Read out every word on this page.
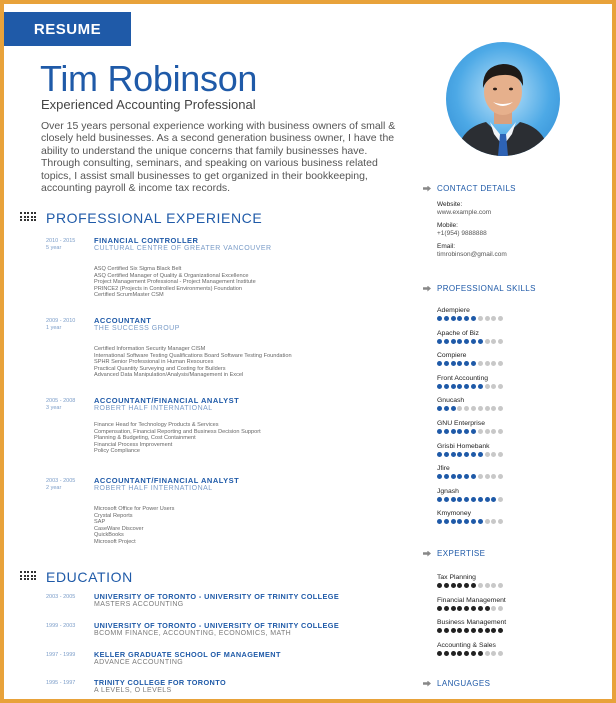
RESUME
Tim Robinson
Experienced Accounting Professional
Over 15 years personal experience working with business owners of small & closely held businesses. As a second generation business owner, I have the ability to understand the unique concerns that family businesses have. Through consulting, seminars, and speaking on various business related topics, I assist small businesses to get organized in their bookkeeping, accounting payroll & income tax records.
PROFESSIONAL EXPERIENCE
2010 - 2015
5 year
FINANCIAL CONTROLLER
CULTURAL CENTRE OF GREATER VANCOUVER
ASQ Certified Six Sigma Black Belt
ASQ Certified Manager of Quality & Organizational Excellence
Project Management Professional - Project Management Institute
PRINCE2 (Projects in Controlled Environments) Foundation
Certified ScrumMaster CSM
2009 - 2010
1 year
ACCOUNTANT
THE SUCCESS GROUP
Certified Information Security Manager CISM
International Software Testing Qualifications Board Software Testing Foundation
SPHR Senior Professional in Human Resources
Practical Quantity Surveying and Costing for Builders
Advanced Data Manipulation/Analysis/Management in Excel
2005 - 2008
3 year
ACCOUNTANT/FINANCIAL ANALYST
ROBERT HALF INTERNATIONAL
Finance Head for Technology Products & Services
Compensation, Financial Reporting and Business Decision Support
Planning & Budgeting, Cost Containment
Financial Process Improvement
Policy Compliance
2003 - 2005
2 year
ACCOUNTANT/FINANCIAL ANALYST
ROBERT HALF INTERNATIONAL
Microsoft Office for Power Users
Crystal Reports
SAP
CaseWare Discover
QuickBooks
Microsoft Project
EDUCATION
2003 - 2005	UNIVERSITY OF TORONTO - UNIVERSITY OF TRINITY COLLEGE
MASTERS ACCOUNTING
1999 - 2003	UNIVERSITY OF TORONTO - UNIVERSITY OF TRINITY COLLEGE
BCOMM FINANCE, ACCOUNTING, ECONOMICS, MATH
1997 - 1999	KELLER GRADUATE SCHOOL OF MANAGEMENT
ADVANCE ACCOUNTING
1995 - 1997	TRINITY COLLEGE FOR TORONTO
A LEVELS, O LEVELS
CONTACT DETAILS
Website:
www.example.com
Mobile:
+1(954) 9888888
Email:
timrobinson@gmail.com
PROFESSIONAL SKILLS
EXPERTISE
LANGUAGES
Adempiere
Apache of Biz
Compiere
Front Accounting
Gnucash
GNU Enterprise
Grisbi Homebank
Jfire
Jgnash
Kmymoney
Tax Planning
Financial Management
Business Management
Accounting & Sales
